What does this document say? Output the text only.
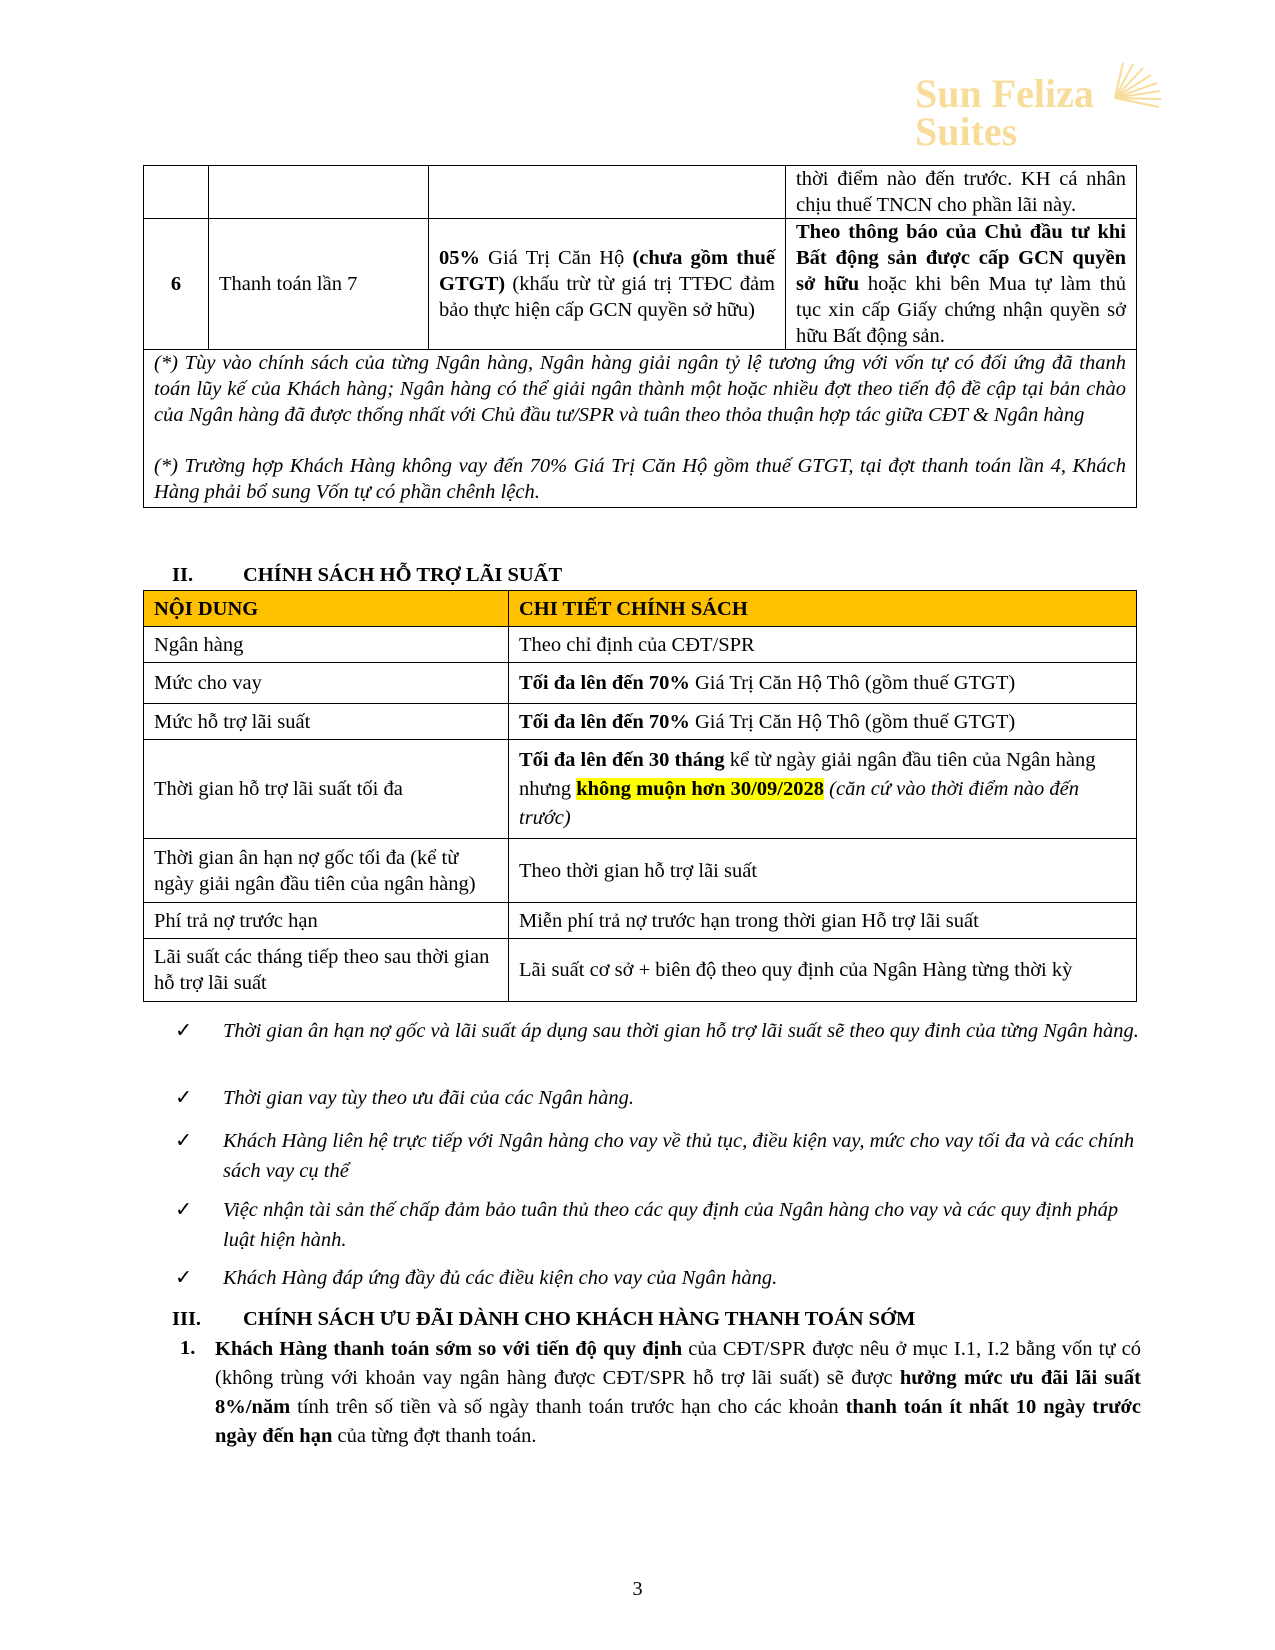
Sun Feliza
Suites
			thời điểm nào đến trước. KH cá nhân chịu thuế TNCN cho phần lãi này.
6	Thanh toán lần 7	05% Giá Trị Căn Hộ (chưa gồm thuế GTGT) (khấu trừ từ giá trị TTĐC đảm bảo thực hiện cấp GCN quyền sở hữu)	Theo thông báo của Chủ đầu tư khi Bất động sản được cấp GCN quyền sở hữu hoặc khi bên Mua tự làm thủ tục xin cấp Giấy chứng nhận quyền sở hữu Bất động sản.

(*) Tùy vào chính sách của từng Ngân hàng, Ngân hàng giải ngân tỷ lệ tương ứng với vốn tự có đối ứng đã thanh toán lũy kế của Khách hàng; Ngân hàng có thể giải ngân thành một hoặc nhiều đợt theo tiến độ đề cập tại bản chào của Ngân hàng đã được thống nhất với Chủ đầu tư/SPR và tuân theo thỏa thuận hợp tác giữa CĐT & Ngân hàng
(*) Trường hợp Khách Hàng không vay đến 70% Giá Trị Căn Hộ gồm thuế GTGT, tại đợt thanh toán lần 4, Khách Hàng phải bổ sung Vốn tự có phần chênh lệch.			
II. CHÍNH SÁCH HỖ TRỢ LÃI SUẤT
NỘI DUNG	CHI TIẾT CHÍNH SÁCH
Ngân hàng	Theo chỉ định của CĐT/SPR
Mức cho vay	Tối đa lên đến 70% Giá Trị Căn Hộ Thô (gồm thuế GTGT)
Mức hỗ trợ lãi suất	Tối đa lên đến 70% Giá Trị Căn Hộ Thô (gồm thuế GTGT)
Thời gian hỗ trợ lãi suất tối đa	Tối đa lên đến 30 tháng kể từ ngày giải ngân đầu tiên của Ngân hàng nhưng không muộn hơn 30/09/2028 (căn cứ vào thời điểm nào đến trước)
Thời gian ân hạn nợ gốc tối đa (kể từ ngày giải ngân đầu tiên của ngân hàng)	Theo thời gian hỗ trợ lãi suất
Phí trả nợ trước hạn	Miễn phí trả nợ trước hạn trong thời gian Hỗ trợ lãi suất
Lãi suất các tháng tiếp theo sau thời gian hỗ trợ lãi suất	Lãi suất cơ sở + biên độ theo quy định của Ngân Hàng từng thời kỳ
✓ Thời gian ân hạn nợ gốc và lãi suất áp dụng sau thời gian hỗ trợ lãi suất sẽ theo quy đinh của từng Ngân hàng.
✓ Thời gian vay tùy theo ưu đãi của các Ngân hàng.
✓ Khách Hàng liên hệ trực tiếp với Ngân hàng cho vay về thủ tục, điều kiện vay, mức cho vay tối đa và các chính sách vay cụ thể
✓ Việc nhận tài sản thế chấp đảm bảo tuân thủ theo các quy định của Ngân hàng cho vay và các quy định pháp luật hiện hành.
✓ Khách Hàng đáp ứng đầy đủ các điều kiện cho vay của Ngân hàng.
III. CHÍNH SÁCH ƯU ĐÃI DÀNH CHO KHÁCH HÀNG THANH TOÁN SỚM
1. Khách Hàng thanh toán sớm so với tiến độ quy định của CĐT/SPR được nêu ở mục I.1, I.2 bằng vốn tự có (không trùng với khoản vay ngân hàng được CĐT/SPR hỗ trợ lãi suất) sẽ được hưởng mức ưu đãi lãi suất 8%/năm tính trên số tiền và số ngày thanh toán trước hạn cho các khoản thanh toán ít nhất 10 ngày trước ngày đến hạn của từng đợt thanh toán.
3
